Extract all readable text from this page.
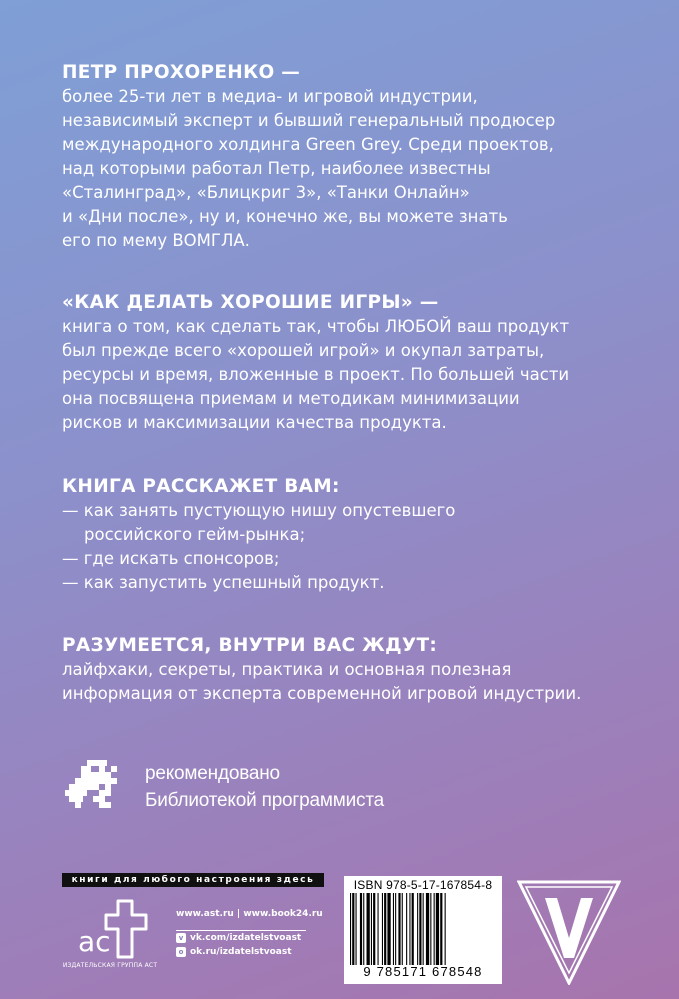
ПЕТР ПРОХОРЕНКО —

более 25-ти лет в медиа- и игровой индустрии,
независимый эксперт и бывший генеральный продюсер
международного холдинга Green Grey. Среди проектов,
над которыми работал Петр, наиболее известны
«Сталинград», «Блицкриг 3», «Танки Онлайн»
и «Дни после», ну и, конечно же, вы можете знать
его по мему ВОМГЛА.

«КАК ДЕЛАТЬ ХОРОШИЕ ИГРЫ» —

книга о том, как сделать так, чтобы ЛЮБОЙ ваш продукт
был прежде всего «хорошей игрой» и окупал затраты,
ресурсы и время, вложенные в проект. По большей части
она посвящена приемам и методикам минимизации
рисков и максимизации качества продукта.

КНИГА РАССКАЖЕТ ВАМ:

— как занять пустующую нишу опустевшего
российского гейм-рынка;
— где искать спонсоров;
— как запустить успешный продукт.

РАЗУМЕЕТСЯ, ВНУТРИ ВАС ЖДУТ:

лайфхаки, секреты, практика и основная полезная
информация от эксперта современной игровой индустрии.
рекомендовано
Библиотекой программиста
книги для любого настроения здесь
ас
ИЗДАТЕЛЬСКАЯ ГРУППА АСТ
www.ast.ru | www.book24.ru
v vk.com/izdatelstvoast
o ok.ru/izdatelstvoast
ISBN 978-5-17-167854-8
9 785171 678548
